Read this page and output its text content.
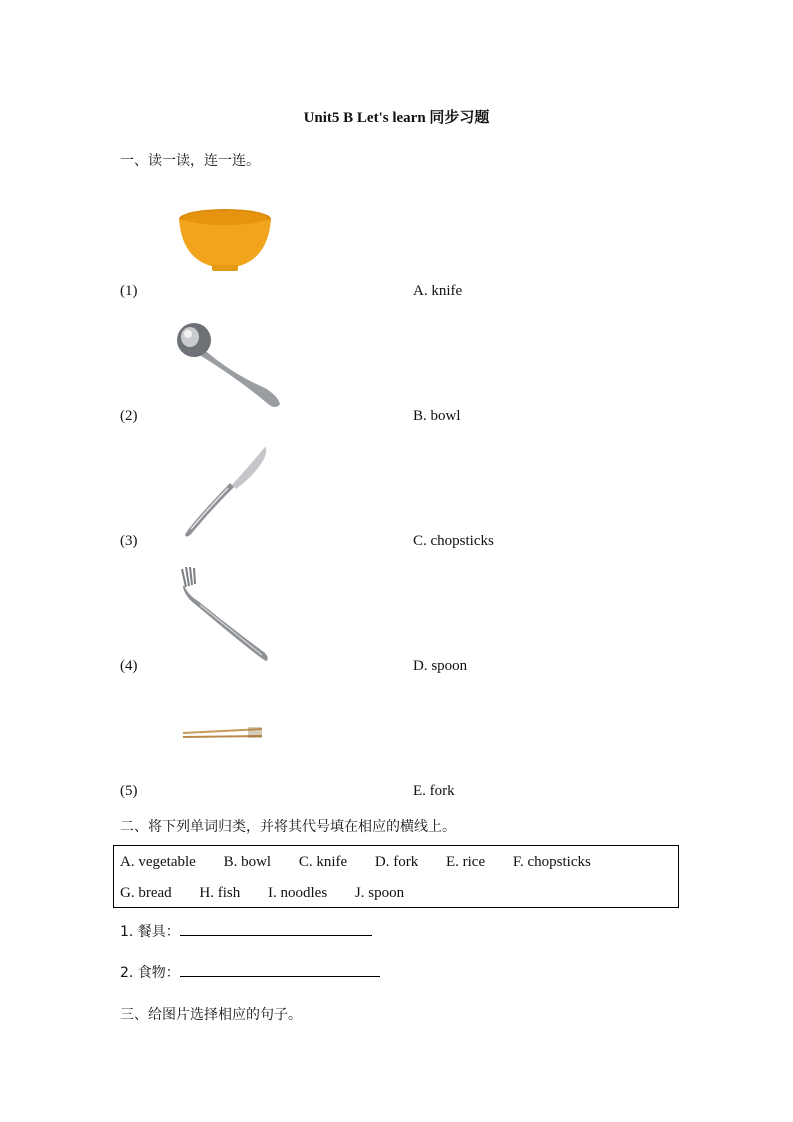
Unit5 B Let's learn 同步习题
一、读一读，连一连。
(1)	A. knife
(2)	B. bowl
(3)	C. chopsticks
(4)	D. spoon
(5)	E. fork
二、将下列单词归类，并将其代号填在相应的横线上。
A. vegetable B. bowl C. knife D. fork E. rice F. chopsticks
G. bread H. fish I. noodles J. spoon
1. 餐具：
2. 食物：
三、给图片选择相应的句子。
